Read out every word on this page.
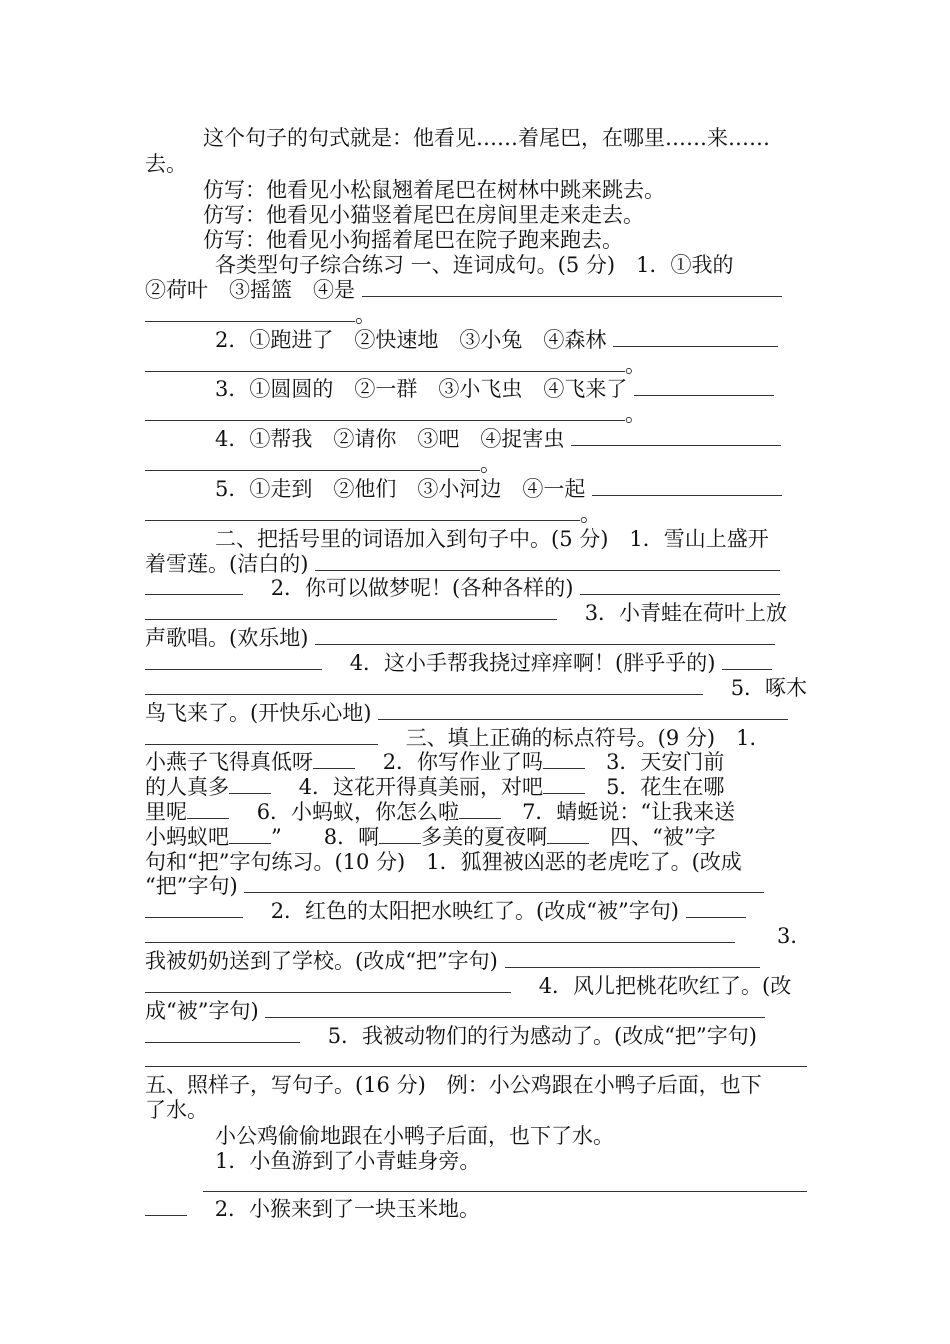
这个句子的句式就是：他看见……着尾巴，在哪里……来……
去。
仿写：他看见小松鼠翘着尾巴在树林中跳来跳去。
仿写：他看见小猫竖着尾巴在房间里走来走去。
仿写：他看见小狗摇着尾巴在院子跑来跑去。
各类型句子综合练习 一、连词成句。(5 分)　1．①我的
②荷叶　③摇篮　④是
。
2．①跑进了　②快速地　③小兔　④森林
。
3．①圆圆的　②一群　③小飞虫　④飞来了
。
4．①帮我　②请你　③吧　④捉害虫
。
5．①走到　②他们　③小河边　④一起
。
二、把括号里的词语加入到句子中。(5 分)　1．雪山上盛开
着雪莲。(洁白的)
　 2．你可以做梦呢！(各种各样的)
　 3．小青蛙在荷叶上放
声歌唱。(欢乐地)
　 4．这小手帮我挠过痒痒啊！(胖乎乎的)
　 5．啄木
鸟飞来了。(开快乐心地)
　 三、填上正确的标点符号。(9 分)　1．
小燕子飞得真低呀　	2．你写作业了吗　	3．天安门前
的人真多　	4．这花开得真美丽，对吧　	5．花生在哪
里呢　	6．小蚂蚁，你怎么啦　	7．蜻蜓说：“让我来送
小蚂蚁吧 ”　　8．啊 多美的夏夜啊　	四、“被”字
句和“把”字句练习。(10 分)　1．狐狸被凶恶的老虎吃了。(改成
“把”字句)
　 2．红色的太阳把水映红了。(改成“被”字句)
　　3．
我被奶奶送到了学校。(改成“把”字句)
　 4．风儿把桃花吹红了。(改
成“被”字句)
　 5．我被动物们的行为感动了。(改成“把”字句)
五、照样子，写句子。(16 分)　例：小公鸡跟在小鸭子后面，也下
了水。
小公鸡偷偷地跟在小鸭子后面，也下了水。
1．小鱼游到了小青蛙身旁。
　 2．小猴来到了一块玉米地。
